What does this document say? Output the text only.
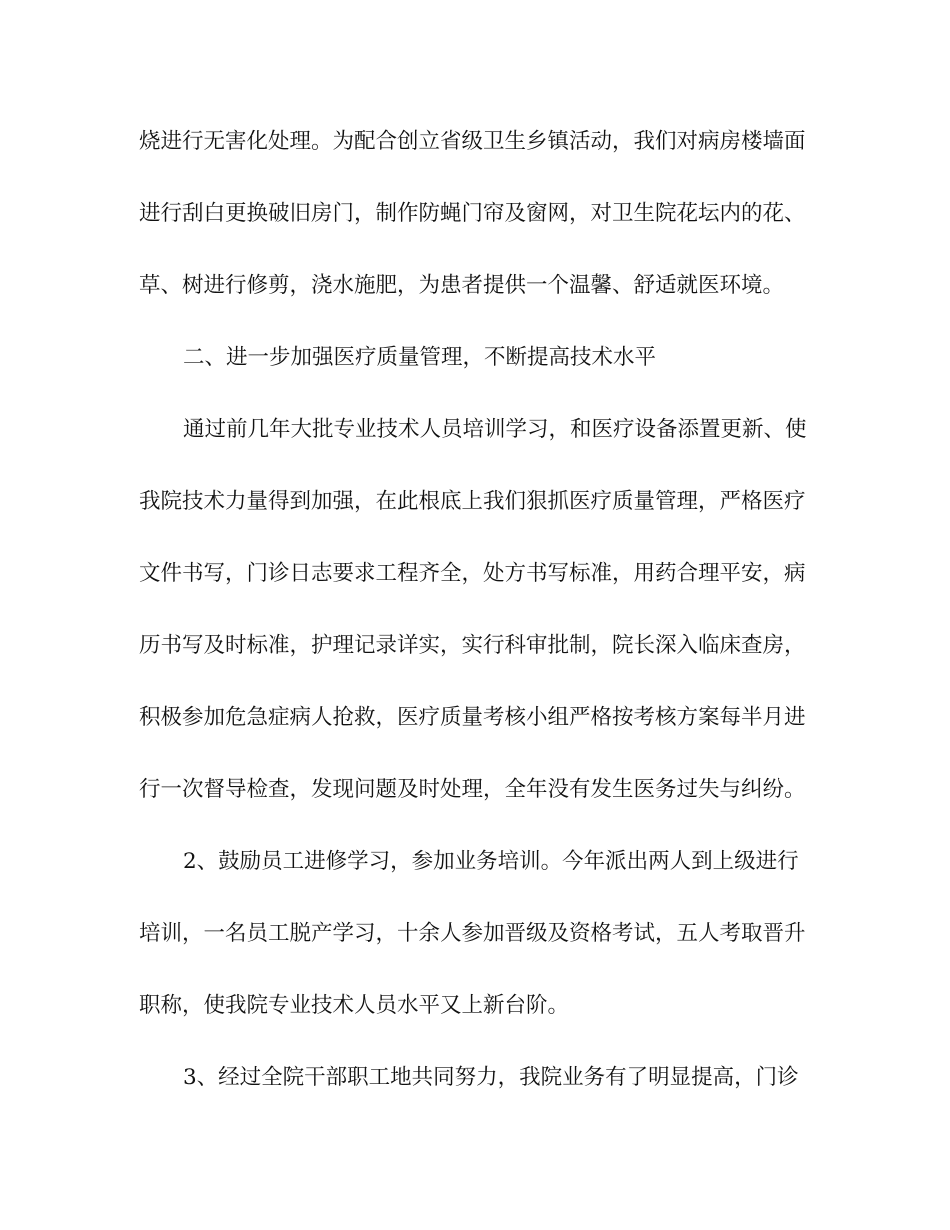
烧进行无害化处理。为配合创立省级卫生乡镇活动，我们对病房楼墙面
进行刮白更换破旧房门，制作防蝇门帘及窗网，对卫生院花坛内的花、
草、树进行修剪，浇水施肥，为患者提供一个温馨、舒适就医环境。
二、进一步加强医疗质量管理，不断提高技术水平
通过前几年大批专业技术人员培训学习，和医疗设备添置更新、使
我院技术力量得到加强，在此根底上我们狠抓医疗质量管理，严格医疗
文件书写，门诊日志要求工程齐全，处方书写标准，用药合理平安，病
历书写及时标准，护理记录详实，实行科审批制，院长深入临床查房，
积极参加危急症病人抢救，医疗质量考核小组严格按考核方案每半月进
行一次督导检查，发现问题及时处理，全年没有发生医务过失与纠纷。
2、鼓励员工进修学习，参加业务培训。今年派出两人到上级进行
培训，一名员工脱产学习，十余人参加晋级及资格考试，五人考取晋升
职称，使我院专业技术人员水平又上新台阶。
3、经过全院干部职工地共同努力，我院业务有了明显提高，门诊
